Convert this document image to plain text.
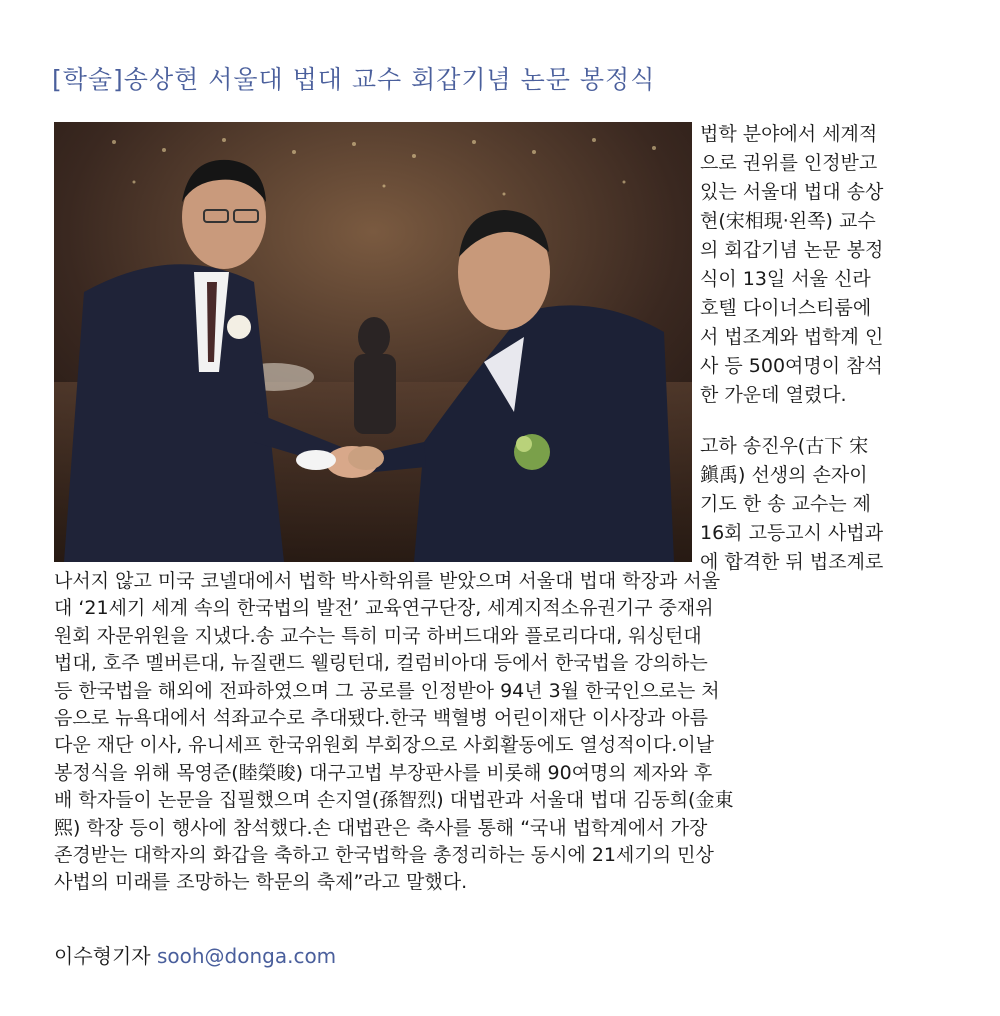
[학술]송상현 서울대 법대 교수 회갑기념 논문 봉정식
법학 분야에서 세계적
으로 권위를 인정받고
있는 서울대 법대 송상
현(宋相現·왼쪽) 교수
의 회갑기념 논문 봉정
식이 13일 서울 신라
호텔 다이너스티룸에
서 법조계와 법학계 인
사 등 500여명이 참석
한 가운데 열렸다.
고하 송진우(古下 宋
鎭禹) 선생의 손자이
기도 한 송 교수는 제
16회 고등고시 사법과
에 합격한 뒤 법조계로
나서지 않고 미국 코넬대에서 법학 박사학위를 받았으며 서울대 법대 학장과 서울
대 ‘21세기 세계 속의 한국법의 발전’ 교육연구단장, 세계지적소유권기구 중재위
원회 자문위원을 지냈다.송 교수는 특히 미국 하버드대와 플로리다대, 워싱턴대
법대, 호주 멜버른대, 뉴질랜드 웰링턴대, 컬럼비아대 등에서 한국법을 강의하는
등 한국법을 해외에 전파하였으며 그 공로를 인정받아 94년 3월 한국인으로는 처
음으로 뉴욕대에서 석좌교수로 추대됐다.한국 백혈병 어린이재단 이사장과 아름
다운 재단 이사, 유니세프 한국위원회 부회장으로 사회활동에도 열성적이다.이날
봉정식을 위해 목영준(睦榮晙) 대구고법 부장판사를 비롯해 90여명의 제자와 후
배 학자들이 논문을 집필했으며 손지열(孫智烈) 대법관과 서울대 법대 김동희(金東
熙) 학장 등이 행사에 참석했다.손 대법관은 축사를 통해 “국내 법학계에서 가장
존경받는 대학자의 화갑을 축하고 한국법학을 총정리하는 동시에 21세기의 민상
사법의 미래를 조망하는 학문의 축제”라고 말했다.
이수형기자 sooh@donga.com
